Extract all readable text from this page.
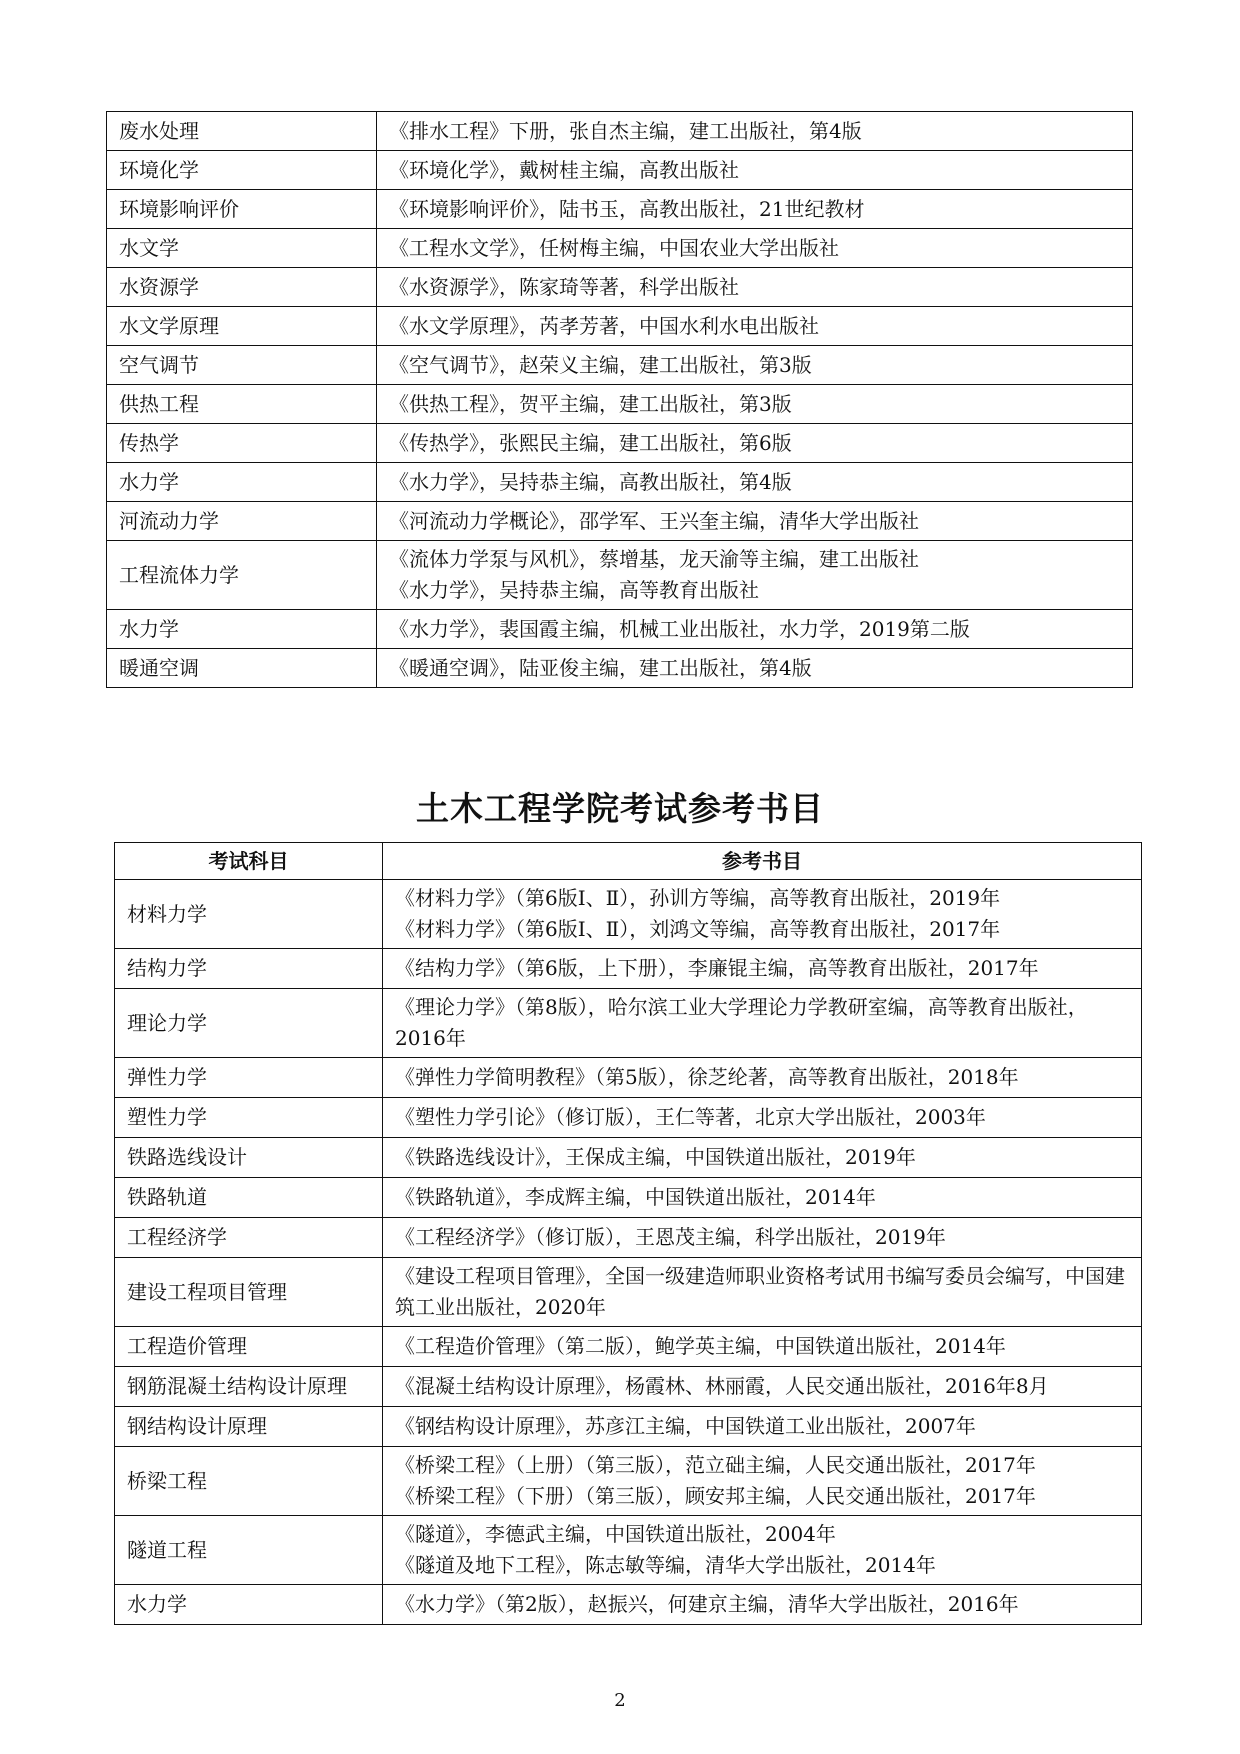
废水处理	《排水工程》下册，张自杰主编，建工出版社，第4版

环境化学	《环境化学》，戴树桂主编，高教出版社

环境影响评价	《环境影响评价》，陆书玉，高教出版社，21世纪教材

水文学	《工程水文学》，任树梅主编，中国农业大学出版社

水资源学	《水资源学》，陈家琦等著，科学出版社

水文学原理	《水文学原理》，芮孝芳著，中国水利水电出版社

空气调节	《空气调节》，赵荣义主编，建工出版社，第3版

供热工程	《供热工程》，贺平主编，建工出版社，第3版

传热学	《传热学》，张熙民主编，建工出版社，第6版

水力学	《水力学》，吴持恭主编，高教出版社，第4版

河流动力学	《河流动力学概论》，邵学军、王兴奎主编，清华大学出版社

工程流体力学	《流体力学泵与风机》，蔡增基，龙天渝等主编，建工出版社
《水力学》，吴持恭主编，高等教育出版社

水力学	《水力学》，裴国霞主编，机械工业出版社，水力学，2019第二版

暖通空调	《暖通空调》，陆亚俊主编，建工出版社，第4版
土木工程学院考试参考书目
考试科目	参考书目
材料力学	《材料力学》（第6版Ⅰ、Ⅱ），孙训方等编，高等教育出版社，2019年
《材料力学》（第6版Ⅰ、Ⅱ），刘鸿文等编，高等教育出版社，2017年

结构力学	《结构力学》（第6版，上下册），李廉锟主编，高等教育出版社，2017年

理论力学	《理论力学》（第8版），哈尔滨工业大学理论力学教研室编，高等教育出版社，2016年

弹性力学	《弹性力学简明教程》（第5版），徐芝纶著，高等教育出版社，2018年

塑性力学	《塑性力学引论》（修订版），王仁等著，北京大学出版社，2003年

铁路选线设计	《铁路选线设计》，王保成主编，中国铁道出版社，2019年

铁路轨道	《铁路轨道》，李成辉主编，中国铁道出版社，2014年

工程经济学	《工程经济学》（修订版），王恩茂主编，科学出版社，2019年

建设工程项目管理	《建设工程项目管理》，全国一级建造师职业资格考试用书编写委员会编写，中国建筑工业出版社，2020年

工程造价管理	《工程造价管理》（第二版），鲍学英主编，中国铁道出版社，2014年

钢筋混凝土结构设计原理	《混凝土结构设计原理》，杨霞林、林丽霞，人民交通出版社，2016年8月

钢结构设计原理	《钢结构设计原理》，苏彦江主编，中国铁道工业出版社，2007年

桥梁工程	《桥梁工程》（上册）（第三版），范立础主编，人民交通出版社，2017年
《桥梁工程》（下册）（第三版），顾安邦主编，人民交通出版社，2017年

隧道工程	《隧道》，李德武主编，中国铁道出版社，2004年
《隧道及地下工程》，陈志敏等编，清华大学出版社，2014年

水力学	《水力学》（第2版），赵振兴，何建京主编，清华大学出版社，2016年
2
